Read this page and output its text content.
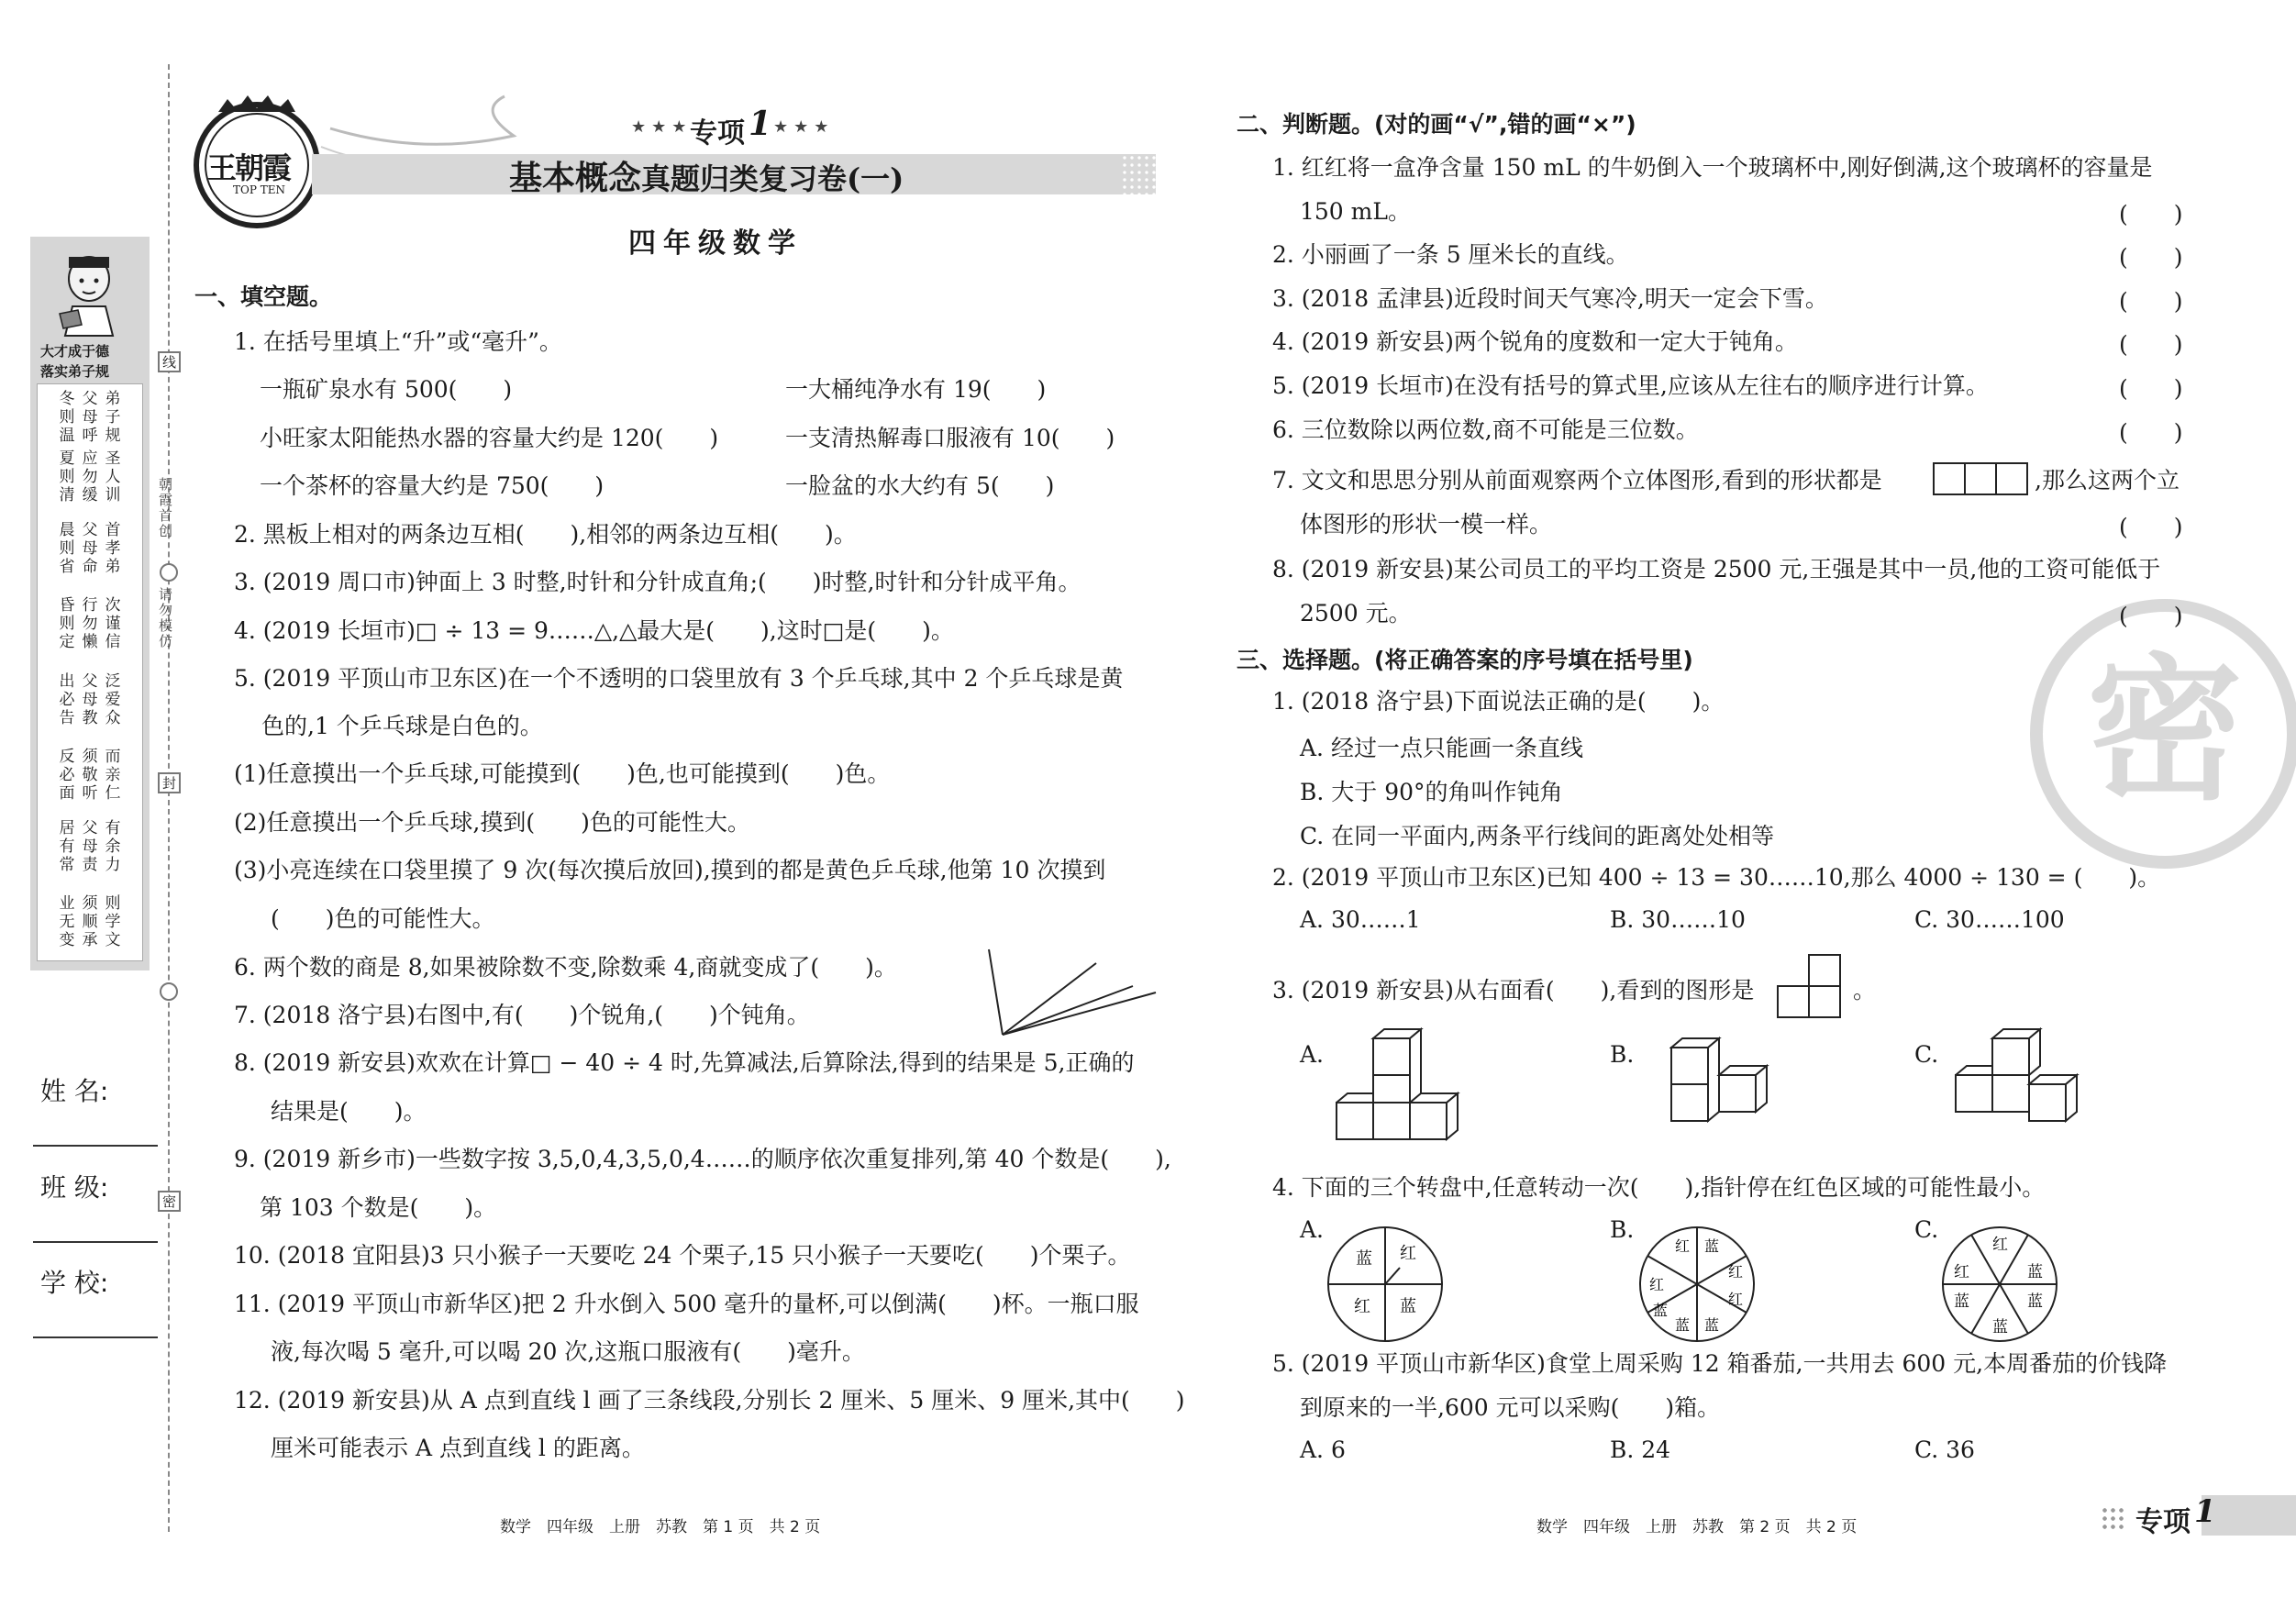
大才成于德
落实弟子规
冬则温
父母呼
弟子规
夏则清
应勿缓
圣人训
晨则省
父母命
首孝弟
昏则定
行勿懒
次谨信
出必告
父母教
泛爱众
反必面
须敬听
而亲仁
居有常
父母责
有余力
业无变
须顺承
则学文
线
朝霞首创
请勿模仿
封
密
姓 名:
班 级:
学 校:
王朝霞
TOP TEN
★★★
专项 1 ★★★
基本概念真题归类复习卷(一)
四年级数学
一、填空题。
1. 在括号里填上“升”或“毫升”。
一瓶矿泉水有 500(　　)	一大桶纯净水有 19(　　)
小旺家太阳能热水器的容量大约是 120(　　)	一支清热解毒口服液有 10(　　)
一个茶杯的容量大约是 750(　　)	一脸盆的水大约有 5(　　)
2. 黑板上相对的两条边互相(　　),相邻的两条边互相(　　)。
3. (2019 周口市)钟面上 3 时整,时针和分针成直角;(　　)时整,时针和分针成平角。
4. (2019 长垣市)□ ÷ 13 = 9……△,△最大是(　　),这时□是(　　)。
5. (2019 平顶山市卫东区)在一个不透明的口袋里放有 3 个乒乓球,其中 2 个乒乓球是黄
色的,1 个乒乓球是白色的。
(1)任意摸出一个乒乓球,可能摸到(　　)色,也可能摸到(　　)色。
(2)任意摸出一个乒乓球,摸到(　　)色的可能性大。
(3)小亮连续在口袋里摸了 9 次(每次摸后放回),摸到的都是黄色乒乓球,他第 10 次摸到
(　　)色的可能性大。
6. 两个数的商是 8,如果被除数不变,除数乘 4,商就变成了(　　)。
7. (2018 洛宁县)右图中,有(　　)个锐角,(　　)个钝角。
8. (2019 新安县)欢欢在计算□ − 40 ÷ 4 时,先算减法,后算除法,得到的结果是 5,正确的
结果是(　　)。
9. (2019 新乡市)一些数字按 3,5,0,4,3,5,0,4……的顺序依次重复排列,第 40 个数是(　　),
第 103 个数是(　　)。
10. (2018 宜阳县)3 只小猴子一天要吃 24 个栗子,15 只小猴子一天要吃(　　)个栗子。
11. (2019 平顶山市新华区)把 2 升水倒入 500 毫升的量杯,可以倒满(　　)杯。一瓶口服
液,每次喝 5 毫升,可以喝 20 次,这瓶口服液有(　　)毫升。
12. (2019 新安县)从 A 点到直线 l 画了三条线段,分别长 2 厘米、5 厘米、9 厘米,其中(　　)
厘米可能表示 A 点到直线 l 的距离。
数学　四年级　上册　苏教　第 1 页　共 2 页
密
二、判断题。(对的画“√”,错的画“×”)
1. 红红将一盒净含量 150 mL 的牛奶倒入一个玻璃杯中,刚好倒满,这个玻璃杯的容量是
150 mL。	(　　)
2. 小丽画了一条 5 厘米长的直线。	(　　)
3. (2018 孟津县)近段时间天气寒冷,明天一定会下雪。	(　　)
4. (2019 新安县)两个锐角的度数和一定大于钝角。	(　　)
5. (2019 长垣市)在没有括号的算式里,应该从左往右的顺序进行计算。	(　　)
6. 三位数除以两位数,商不可能是三位数。	(　　)
7. 文文和思思分别从前面观察两个立体图形,看到的形状都是	,那么这两个立
体图形的形状一模一样。	(　　)
8. (2019 新安县)某公司员工的平均工资是 2500 元,王强是其中一员,他的工资可能低于
2500 元。	(　　)
三、选择题。(将正确答案的序号填在括号里)
1. (2018 洛宁县)下面说法正确的是(　　)。
A. 经过一点只能画一条直线
B. 大于 90°的角叫作钝角
C. 在同一平面内,两条平行线间的距离处处相等
2. (2019 平顶山市卫东区)已知 400 ÷ 13 = 30……10,那么 4000 ÷ 130 = (　　)。
A. 30……1	B. 30……10	C. 30……100
3. (2019 新安县)从右面看(　　),看到的图形是	。
A.	B.	C.
4. 下面的三个转盘中,任意转动一次(　　),指针停在红色区域的可能性最小。
A.
蓝 红
红 蓝
B.
红 蓝
红
红
红
蓝
蓝 蓝
C.
红
红	蓝
蓝	蓝
蓝
5. (2019 平顶山市新华区)食堂上周采购 12 箱番茄,一共用去 600 元,本周番茄的价钱降
到原来的一半,600 元可以采购(　　)箱。
A. 6	B. 24	C. 36
数学　四年级　上册　苏教　第 2 页　共 2 页	专项 1
